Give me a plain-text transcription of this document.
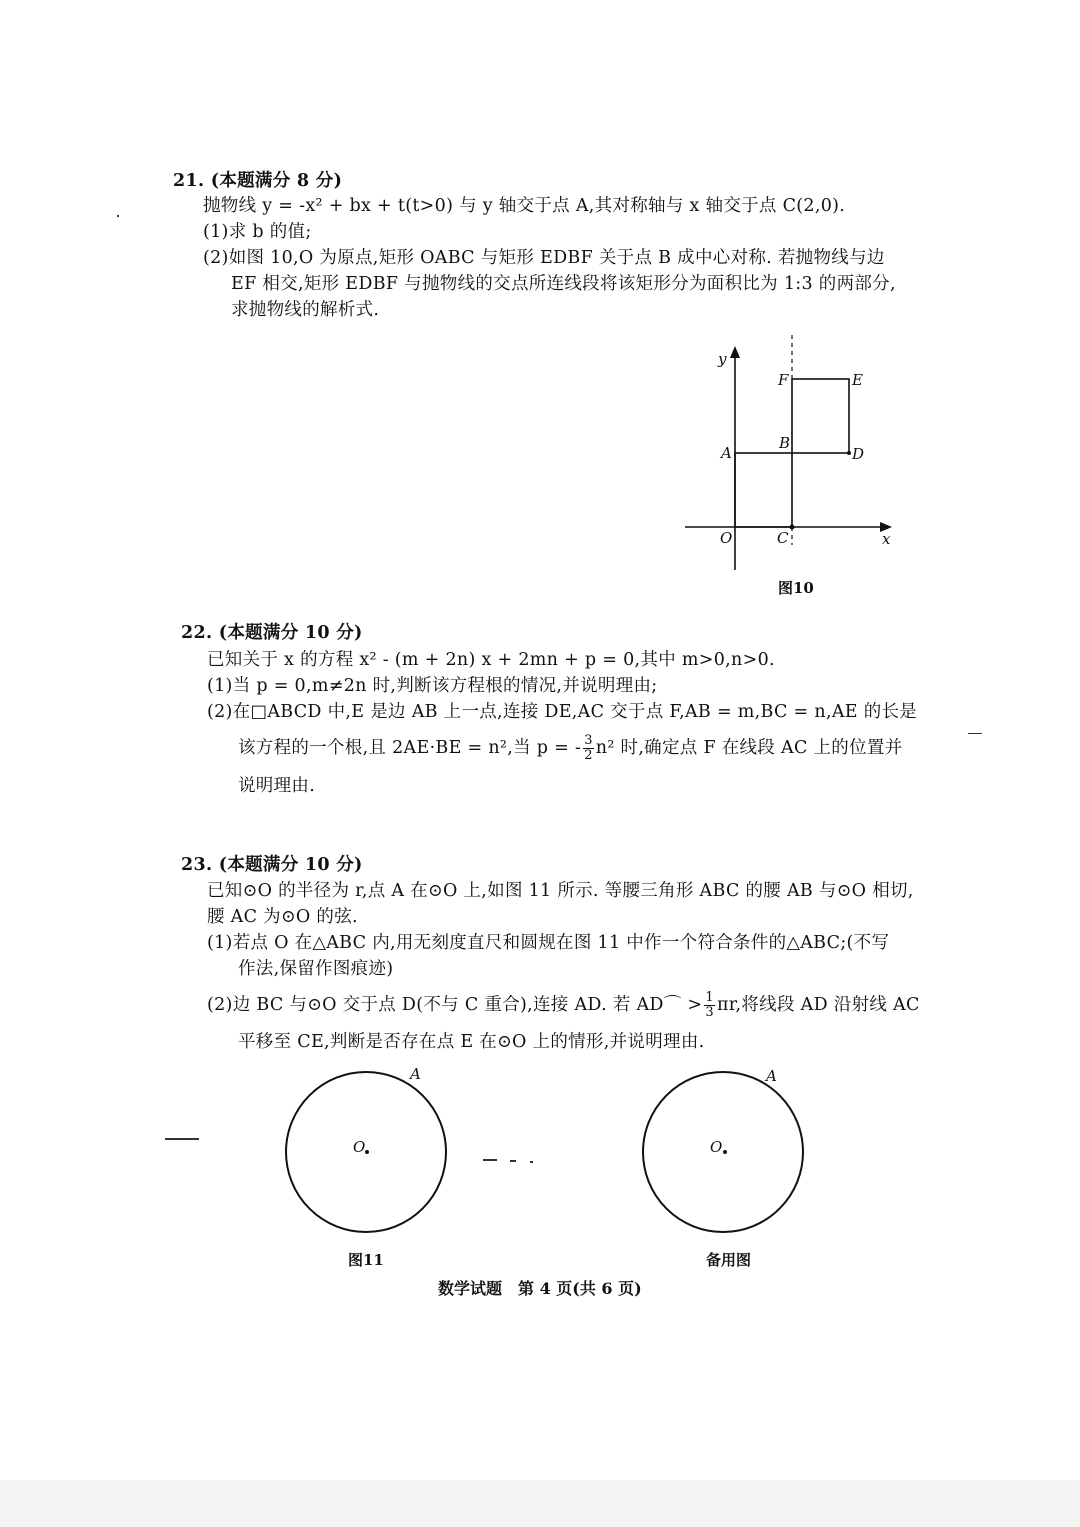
21. (本题满分 8 分)
抛物线 y = -x² + bx + t(t>0) 与 y 轴交于点 A,其对称轴与 x 轴交于点 C(2,0).
(1)求 b 的值;
(2)如图 10,O 为原点,矩形 OABC 与矩形 EDBF 关于点 B 成中心对称. 若抛物线与边
EF 相交,矩形 EDBF 与抛物线的交点所连线段将该矩形分为面积比为 1:3 的两部分,
求抛物线的解析式.
y
x
O
A
B
C
D
E
F
图10
22. (本题满分 10 分)
已知关于 x 的方程 x² - (m + 2n) x + 2mn + p = 0,其中 m>0,n>0.
(1)当 p = 0,m≠2n 时,判断该方程根的情况,并说明理由;
(2)在□ABCD 中,E 是边 AB 上一点,连接 DE,AC 交于点 F,AB = m,BC = n,AE 的长是
该方程的一个根,且 2AE·BE = n²,当 p = - $\frac{3}{2} n^2$ 时,确定点 F 在线段 AC 上的位置并
说明理由.
23. (本题满分 10 分)
已知⊙O 的半径为 r,点 A 在⊙O 上,如图 11 所示. 等腰三角形 ABC 的腰 AB 与⊙O 相切,
腰 AC 为⊙O 的弦.
(1)若点 O 在△ABC 内,用无刻度直尺和圆规在图 11 中作一个符合条件的△ABC;(不写
作法,保留作图痕迹)
(2)边 BC 与⊙O 交于点 D(不与 C 重合),连接 AD. 若 AD⌒ > $\frac{1}{3} \pi r$,将线段 AD 沿射线 AC
平移至 CE,判断是否存在点 E 在⊙O 上的情形,并说明理由.
O
A
图11
O
A
备用图
数学试题　第 4 页(共 6 页)
